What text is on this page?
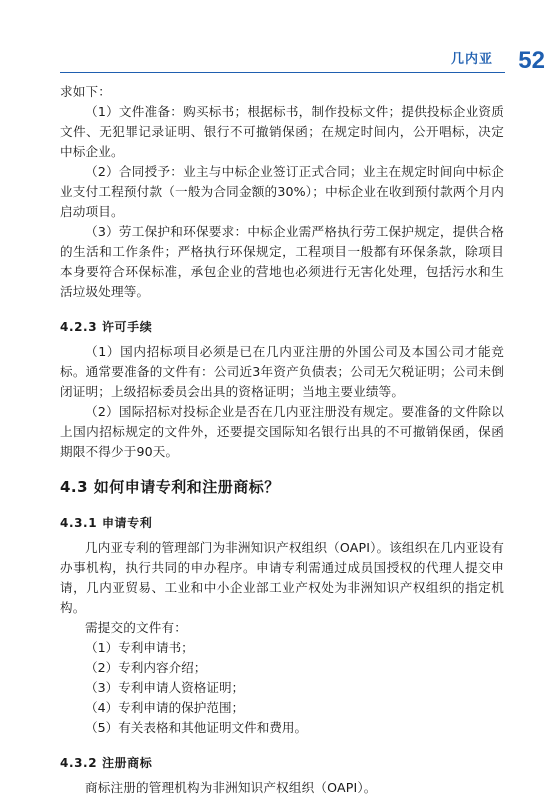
几内亚 52

求如下：

（1）文件准备：购买标书；根据标书，制作投标文件；提供投标企业资质文件、无犯罪记录证明、银行不可撤销保函；在规定时间内，公开唱标，决定中标企业。

（2）合同授予：业主与中标企业签订正式合同；业主在规定时间向中标企业支付工程预付款（一般为合同金额的30%）；中标企业在收到预付款两个月内启动项目。

（3）劳工保护和环保要求：中标企业需严格执行劳工保护规定，提供合格的生活和工作条件；严格执行环保规定，工程项目一般都有环保条款，除项目本身要符合环保标准，承包企业的营地也必须进行无害化处理，包括污水和生活垃圾处理等。

4.2.3 许可手续

（1）国内招标项目必须是已在几内亚注册的外国公司及本国公司才能竞标。通常要准备的文件有：公司近3年资产负债表；公司无欠税证明；公司未倒闭证明；上级招标委员会出具的资格证明；当地主要业绩等。

（2）国际招标对投标企业是否在几内亚注册没有规定。要准备的文件除以上国内招标规定的文件外，还要提交国际知名银行出具的不可撤销保函，保函期限不得少于90天。

4.3 如何申请专利和注册商标？
4.3.1 申请专利

几内亚专利的管理部门为非洲知识产权组织（OAPI）。该组织在几内亚设有办事机构，执行共同的申办程序。申请专利需通过成员国授权的代理人提交申请，几内亚贸易、工业和中小企业部工业产权处为非洲知识产权组织的指定机构。

需提交的文件有：

（1）专利申请书；
（2）专利内容介绍；
（3）专利申请人资格证明；
（4）专利申请的保护范围；
（5）有关表格和其他证明文件和费用。
4.3.2 注册商标

商标注册的管理机构为非洲知识产权组织（OAPI）。
